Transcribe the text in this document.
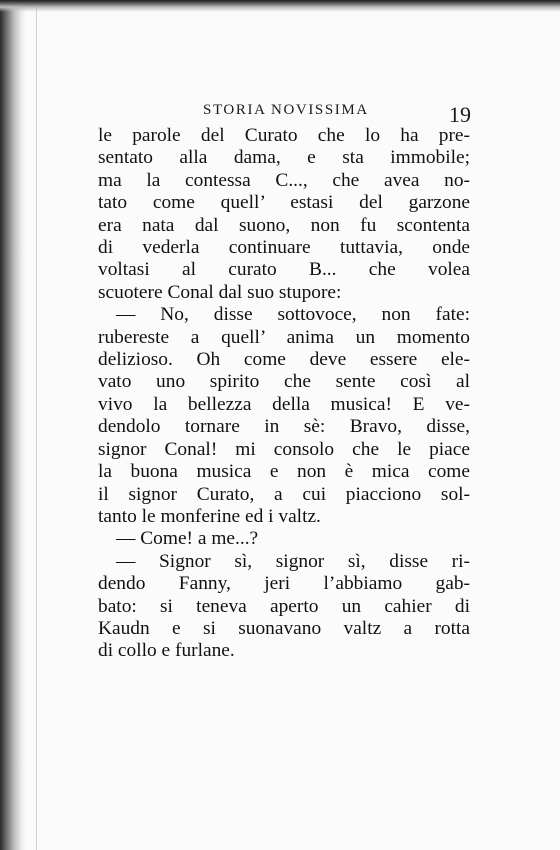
STORIA NOVISSIMA	19
le parole del Curato che lo ha pre-
sentato alla dama, e sta immobile;
ma la contessa C..., che avea no-
tato come quell’ estasi del garzone
era nata dal suono, non fu scontenta
di vederla continuare tuttavia, onde
voltasi al curato B... che volea
scuotere Conal dal suo stupore:
— No, disse sottovoce, non fate:
rubereste a quell’ anima un momento
delizioso. Oh come deve essere ele-
vato uno spirito che sente così al
vivo la bellezza della musica! E ve-
dendolo tornare in sè: Bravo, disse,
signor Conal! mi consolo che le piace
la buona musica e non è mica come
il signor Curato, a cui piacciono sol-
tanto le monferine ed i valtz.
— Come! a me...?
— Signor sì, signor sì, disse ri-
dendo Fanny, jeri l’abbiamo gab-
bato: si teneva aperto un cahier di
Kaudn e si suonavano valtz a rotta
di collo e furlane.
